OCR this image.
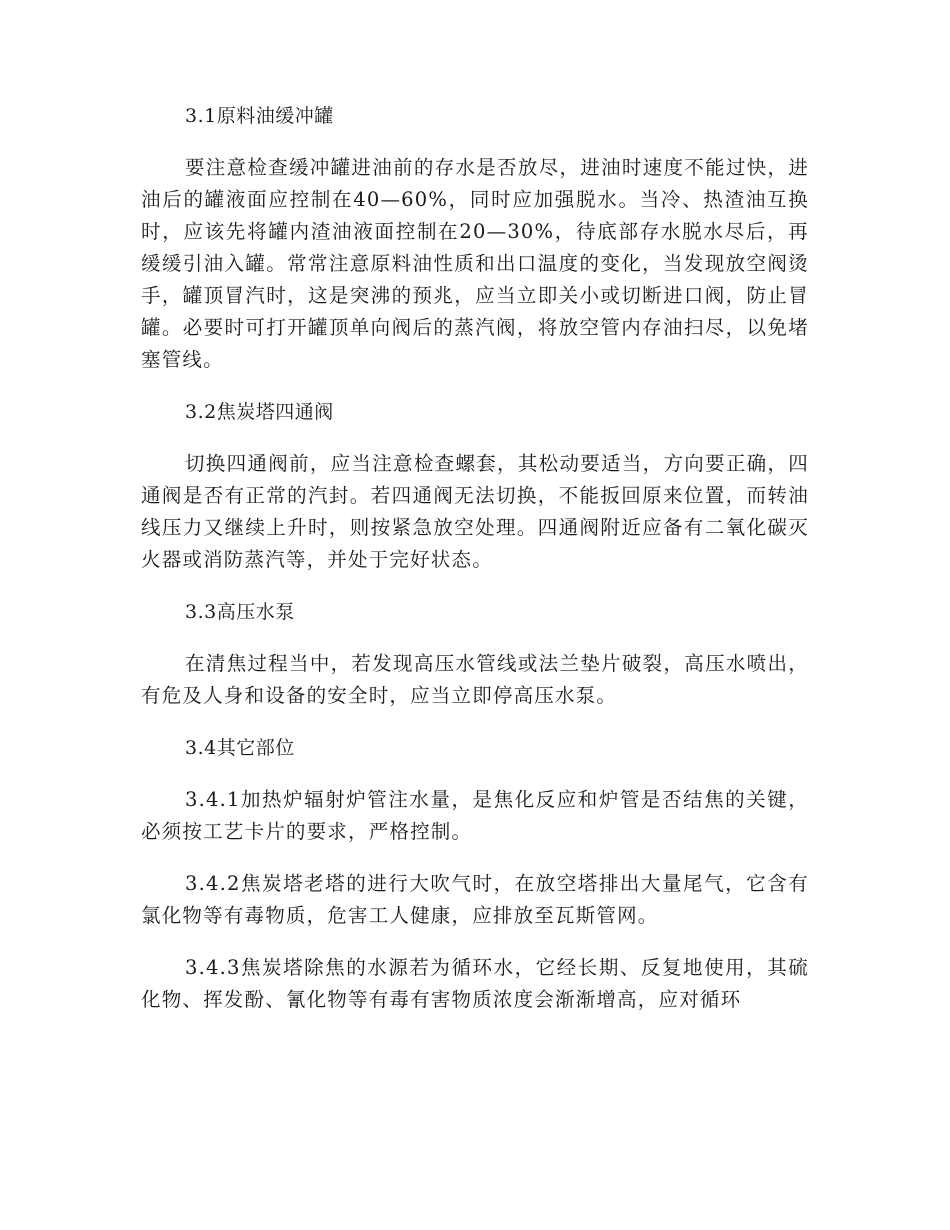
3.1原料油缓冲罐

要注意检查缓冲罐进油前的存水是否放尽，进油时速度不能过快，进油后的罐液面应控制在40—60%，同时应加强脱水。当冷、热渣油互换时，应该先将罐内渣油液面控制在20—30%，待底部存水脱水尽后，再缓缓引油入罐。常常注意原料油性质和出口温度的变化，当发现放空阀烫手，罐顶冒汽时，这是突沸的预兆，应当立即关小或切断进口阀，防止冒罐。必要时可打开罐顶单向阀后的蒸汽阀，将放空管内存油扫尽，以免堵塞管线。

3.2焦炭塔四通阀

切换四通阀前，应当注意检查螺套，其松动要适当，方向要正确，四通阀是否有正常的汽封。若四通阀无法切换，不能扳回原来位置，而转油线压力又继续上升时，则按紧急放空处理。四通阀附近应备有二氧化碳灭火器或消防蒸汽等，并处于完好状态。

3.3高压水泵

在清焦过程当中，若发现高压水管线或法兰垫片破裂，高压水喷出，有危及人身和设备的安全时，应当立即停高压水泵。

3.4其它部位

3.4.1加热炉辐射炉管注水量，是焦化反应和炉管是否结焦的关键，必须按工艺卡片的要求，严格控制。

3.4.2焦炭塔老塔的进行大吹气时，在放空塔排出大量尾气，它含有氯化物等有毒物质，危害工人健康，应排放至瓦斯管网。

3.4.3焦炭塔除焦的水源若为循环水，它经长期、反复地使用，其硫化物、挥发酚、氰化物等有毒有害物质浓度会渐渐增高，应对循环
